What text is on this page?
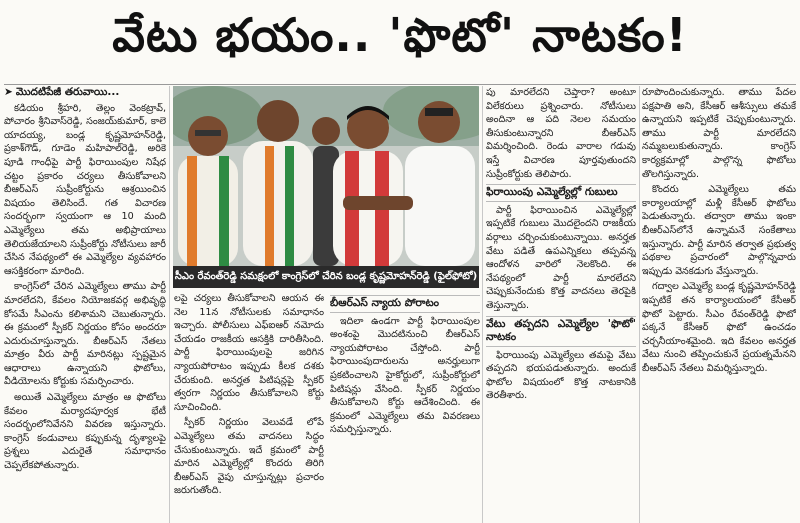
వేటు భయం.. 'ఫొటో' నాటకం!
➤ మొదటిపేజీ తరువాయి...

కడియం శ్రీహరి, తెల్లం వెంకట్రావ్, పోచారం శ్రీనివాస్‌రెడ్డి, సంజయ్‌కుమార్, కాలె యాదయ్య, బండ్ల కృష్ణమోహన్‌రెడ్డి, ప్రకాశ్‌గౌడ్, గూడెం మహిపాల్‌రెడ్డి, అరికె పూడి గాంధీపై పార్టీ ఫిరాయింపుల నిషేధ చట్టం ప్రకారం చర్యలు తీసుకోవాలని బీఆర్‌ఎస్ సుప్రీంకోర్టును ఆశ్రయించిన విషయం తెలిసిందే. గత విచారణ సందర్భంగా స్వయంగా ఆ 10 మంది ఎమ్మెల్యేలు తమ అభిప్రాయాలు తెలియజేయాలని సుప్రీంకోర్టు నోటీసులు జారీ చేసిన నేపథ్యంలో ఈ ఎమ్మెల్యేల వ్యవహారం ఆసక్తికరంగా మారింది.

కాంగ్రెస్‌లో చేరిన ఎమ్మెల్యేలు తాము పార్టీ మారలేదని, కేవలం నియోజకవర్గ అభివృద్ధి కోసమే సీఎంను కలిశామని చెబుతున్నారు. ఈ క్రమంలో స్పీకర్ నిర్ణయం కోసం అందరూ ఎదురుచూస్తున్నారు. బీఆర్‌ఎస్ నేతలు మాత్రం వీరు పార్టీ మారినట్లు స్పష్టమైన ఆధారాలు ఉన్నాయని ఫొటోలు, వీడియోలను కోర్టుకు సమర్పించారు.

అయితే ఎమ్మెల్యేలు మాత్రం ఆ ఫొటోలు కేవలం మర్యాదపూర్వక భేటీ సందర్భంలోనివేనని వివరణ ఇస్తున్నారు. కాంగ్రెస్ కండువాలు కప్పుకున్న దృశ్యాలపై ప్రశ్నలు ఎదురైతే సమాధానం చెప్పలేకపోతున్నారు.

సీఎం రేవంత్‌రెడ్డి సమక్షంలో కాంగ్రెస్‌లో చేరిన బండ్ల కృష్ణమోహన్‌రెడ్డి (ఫైల్‌ఫోటో)

లపై చర్యలు తీసుకోవాలని ఆయన ఈ నెల 11న నోటీసులకు సమాధానం ఇచ్చారు. పోలీసులు ఎఫ్‌ఐఆర్ నమోదు చేయడం రాజకీయ ఆసక్తికి దారితీసింది. పార్టీ ఫిరాయింపులపై జరిగిన న్యాయపోరాటం ఇప్పుడు కీలక దశకు చేరుకుంది. అనర్హత పిటిషన్లపై స్పీకర్ త్వరగా నిర్ణయం తీసుకోవాలని కోర్టు సూచించింది.

స్పీకర్ నిర్ణయం వెలువడే లోపే ఎమ్మెల్యేలు తమ వాదనలు సిద్ధం చేసుకుంటున్నారు. ఇదే క్రమంలో పార్టీ మారిన ఎమ్మెల్యేల్లో కొందరు తిరిగి బీఆర్‌ఎస్ వైపు చూస్తున్నట్లు ప్రచారం జరుగుతోంది.

బీఆర్‌ఎస్ న్యాయ పోరాటం

ఇదిలా ఉండగా పార్టీ ఫిరాయింపుల అంశంపై మొదటినుంచి బీఆర్‌ఎస్ న్యాయపోరాటం చేస్తోంది. పార్టీ ఫిరాయింపుదారులను అనర్హులుగా ప్రకటించాలని హైకోర్టులో, సుప్రీంకోర్టులో పిటిషన్లు వేసింది. స్పీకర్ నిర్ణయం తీసుకోవాలని కోర్టు ఆదేశించింది. ఈ క్రమంలో ఎమ్మెల్యేలు తమ వివరణలు సమర్పిస్తున్నారు.

పు మారలేదని చెప్తారా? అంటూ విలేకరులు ప్రశ్నించారు. నోటీసులు అందినా ఆ పది నెలల సమయం తీసుకుంటున్నారని బీఆర్‌ఎస్ విమర్శించింది. రెండు వారాల గడువు ఇస్తే విచారణ పూర్తవుతుందని సుప్రీంకోర్టుకు తెలిపారు.

ఫిరాయింపు ఎమ్మెల్యేల్లో గుబులు

పార్టీ ఫిరాయించిన ఎమ్మెల్యేల్లో ఇప్పటికే గుబులు మొదలైందని రాజకీయ వర్గాలు చర్చించుకుంటున్నాయి. అనర్హత వేటు పడితే ఉపఎన్నికలు తప్పవన్న ఆందోళన వారిలో నెలకొంది. ఈ నేపథ్యంలో పార్టీ మారలేదని చెప్పుకునేందుకు కొత్త వాదనలు తెరపైకి తెస్తున్నారు.

వేటు తప్పదని ఎమ్మెల్యేల 'ఫొటో' నాటకం

ఫిరాయింపు ఎమ్మెల్యేలు తమపై వేటు తప్పదని భయపడుతున్నారు. అందుకే ఫొటోల విషయంలో కొత్త నాటకానికి తెరతీశారు.

రూపొందించుకున్నారు. తాము పేదల పక్షపాతి అని, కేసీఆర్ ఆశీస్సులు తమకే ఉన్నాయని ఇప్పటికే చెప్పుకుంటున్నారు. తాము పార్టీ మారలేదని నమ్మబలుకుతున్నారు. కాంగ్రెస్ కార్యక్రమాల్లో పాల్గొన్న ఫొటోలు తొలగిస్తున్నారు.

కొందరు ఎమ్మెల్యేలు తమ కార్యాలయాల్లో మళ్లీ కేసీఆర్ ఫొటోలు పెడుతున్నారు. తద్వారా తాము ఇంకా బీఆర్‌ఎస్‌లోనే ఉన్నామనే సంకేతాలు ఇస్తున్నారు. పార్టీ మారిన తర్వాత ప్రభుత్వ పథకాల ప్రచారంలో పాల్గొన్నవారు ఇప్పుడు వెనకడుగు వేస్తున్నారు.

గద్వాల ఎమ్మెల్యే బండ్ల కృష్ణమోహన్‌రెడ్డి ఇప్పటికే తన కార్యాలయంలో కేసీఆర్ ఫొటో పెట్టారు. సీఎం రేవంత్‌రెడ్డి ఫొటో పక్కనే కేసీఆర్ ఫొటో ఉంచడం చర్చనీయాంశమైంది. ఇది కేవలం అనర్హత వేటు నుంచి తప్పించుకునే ప్రయత్నమేనని బీఆర్‌ఎస్ నేతలు విమర్శిస్తున్నారు.
